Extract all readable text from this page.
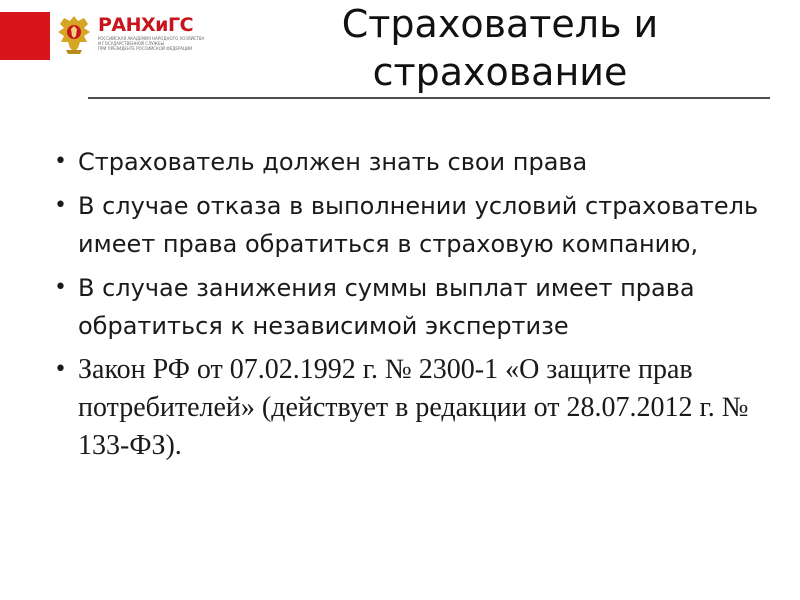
РАНХиГС
РОССИЙСКАЯ АКАДЕМИЯ НАРОДНОГО ХОЗЯЙСТВА
И ГОСУДАРСТВЕННОЙ СЛУЖБЫ
ПРИ ПРЕЗИДЕНТЕ РОССИЙСКОЙ ФЕДЕРАЦИИ
Страхователь и
страхование
• Страхователь должен знать свои права
• В случае отказа в выполнении условий страхователь имеет права обратиться в страховую компанию,
• В случае занижения суммы выплат имеет права обратиться к независимой экспертизе
• Закон РФ от 07.02.1992 г. № 2300-1 «О защите прав потребителей» (действует в редакции от 28.07.2012 г. № 133-ФЗ).
